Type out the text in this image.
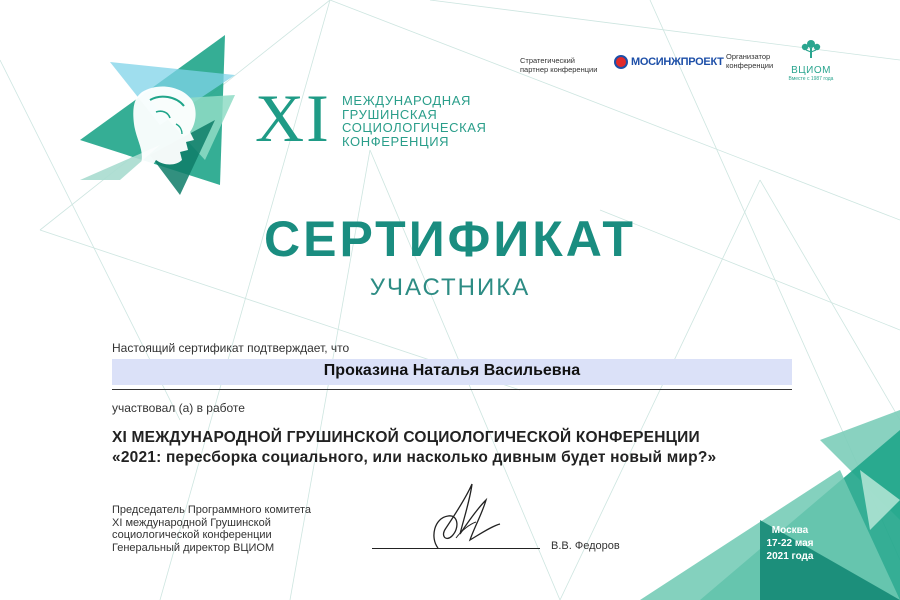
XI МЕЖДУНАРОДНАЯ
ГРУШИНСКАЯ
СОЦИОЛОГИЧЕСКАЯ
КОНФЕРЕНЦИЯ
Стратегический
партнер конференции
МОСИНЖПРОЕКТ Организатор
конференции	ВЦИОМ
Вместе с 1987 года
СЕРТИФИКАТ
УЧАСТНИКА
Настоящий сертификат подтверждает, что
Проказина Наталья Васильевна
участвовал (а) в работе
XI МЕЖДУНАРОДНОЙ ГРУШИНСКОЙ СОЦИОЛОГИЧЕСКОЙ КОНФЕРЕНЦИИ
«2021: пересборка социального, или насколько дивным будет новый мир?»
Председатель Программного комитета
XI международной Грушинской
социологической конференции
Генеральный директор ВЦИОМ	В.В. Федоров
Москва
17-22 мая
2021 года
